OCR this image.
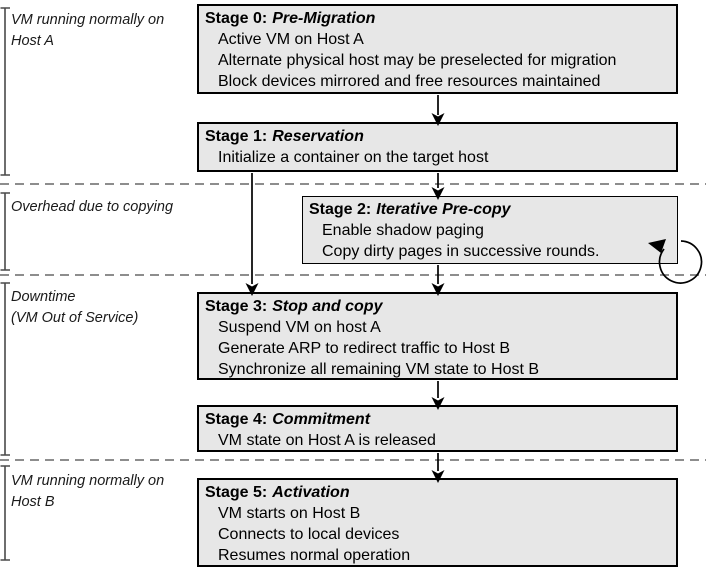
Stage 0: Pre-Migration
Active VM on Host A
Alternate physical host may be preselected for migration
Block devices mirrored and free resources maintained
Stage 1: Reservation
Initialize a container on the target host
Stage 2: Iterative Pre-copy
Enable shadow paging
Copy dirty pages in successive rounds.
Stage 3: Stop and copy
Suspend VM on host A
Generate ARP to redirect traffic to Host B
Synchronize all remaining VM state to Host B
Stage 4: Commitment
VM state on Host A is released
Stage 5: Activation
VM starts on Host B
Connects to local devices
Resumes normal operation
VM running normally on
Host A
Overhead due to copying
Downtime
(VM Out of Service)
VM running normally on
Host B
